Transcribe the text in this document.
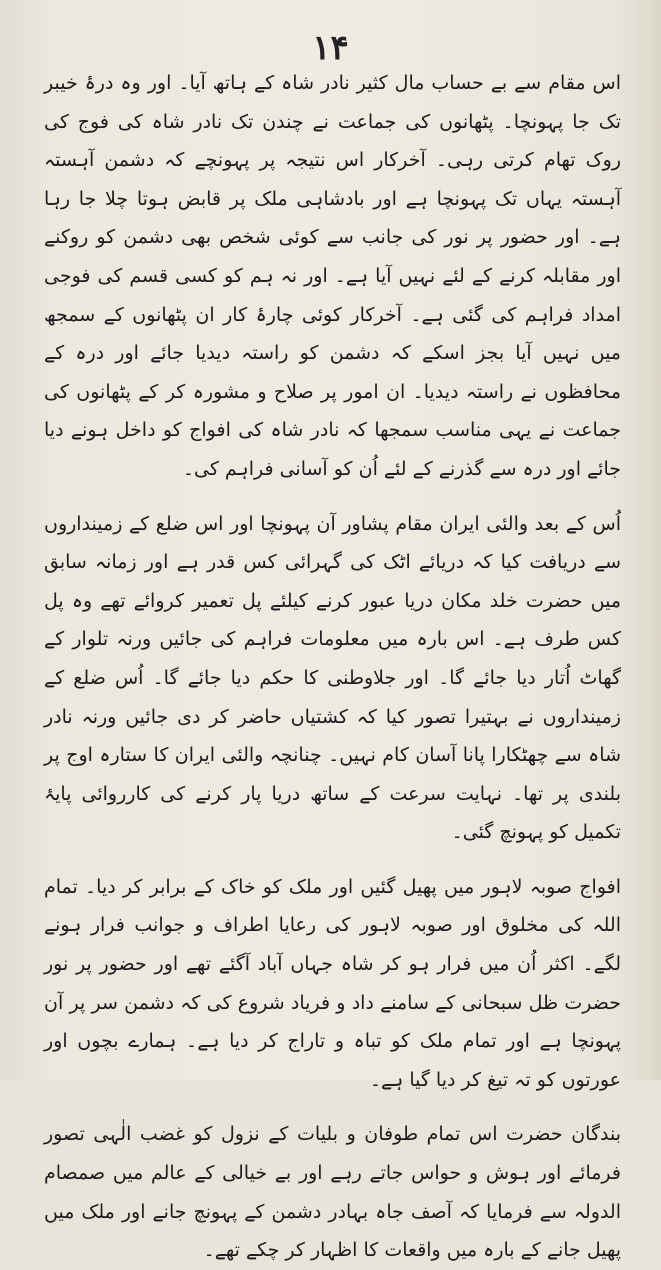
۱۴

اس مقام سے بے حساب مال کثیر نادر شاہ کے ہاتھ آیا۔ اور وہ درۂ خیبر تک جا پہونچا۔ پٹھانوں کی جماعت نے چندن تک نادر شاہ کی فوج کی روک تھام کرتی رہی۔ آخرکار اس نتیجہ پر پہونچے کہ دشمن آہستہ آہستہ یہاں تک پہونچا ہے اور بادشاہی ملک پر قابض ہوتا چلا جا رہا ہے۔ اور حضور پر نور کی جانب سے کوئی شخص بھی دشمن کو روکنے اور مقابلہ کرنے کے لئے نہیں آیا ہے۔ اور نہ ہم کو کسی قسم کی فوجی امداد فراہم کی گئی ہے۔ آخرکار کوئی چارۂ کار ان پٹھانوں کے سمجھ میں نہیں آیا بجز اسکے کہ دشمن کو راستہ دیدیا جائے اور درہ کے محافظوں نے راستہ دیدیا۔ ان امور پر صلاح و مشورہ کر کے پٹھانوں کی جماعت نے یہی مناسب سمجھا کہ نادر شاہ کی افواج کو داخل ہونے دیا جائے اور درہ سے گذرنے کے لئے اُن کو آسانی فراہم کی۔

اُس کے بعد والئی ایران مقام پشاور آن پہونچا اور اس ضلع کے زمینداروں سے دریافت کیا کہ دریائے اٹک کی گہرائی کس قدر ہے اور زمانہ سابق میں حضرت خلد مکان دریا عبور کرنے کیلئے پل تعمیر کروائے تھے وہ پل کس طرف ہے۔ اس بارہ میں معلومات فراہم کی جائیں ورنہ تلوار کے گھاٹ اُتار دیا جائے گا۔ اور جلاوطنی کا حکم دیا جائے گا۔ اُس ضلع کے زمینداروں نے بہتیرا تصور کیا کہ کشتیاں حاضر کر دی جائیں ورنہ نادر شاہ سے چھٹکارا پانا آسان کام نہیں۔ چنانچہ والئی ایران کا ستارہ اوج پر بلندی پر تھا۔ نہایت سرعت کے ساتھ دریا پار کرنے کی کارروائی پایۂ تکمیل کو پہونچ گئی۔

افواج صوبہ لاہور میں پھیل گئیں اور ملک کو خاک کے برابر کر دیا۔ تمام اللہ کی مخلوق اور صوبہ لاہور کی رعایا اطراف و جوانب فرار ہونے لگے۔ اکثر اُن میں فرار ہو کر شاہ جہاں آباد آگئے تھے اور حضور پر نور حضرت ظل سبحانی کے سامنے داد و فریاد شروع کی کہ دشمن سر پر آن پہونچا ہے اور تمام ملک کو تباہ و تاراج کر دیا ہے۔ ہمارے بچوں اور عورتوں کو تہ تیغ کر دیا گیا ہے۔

بندگان حضرت اس تمام طوفان و بلیات کے نزول کو غضب الٰہی تصور فرمائے اور ہوش و حواس جاتے رہے اور بے خیالی کے عالم میں صمصام الدولہ سے فرمایا کہ آصف جاہ بہادر دشمن کے پہونچ جانے اور ملک میں پھیل جانے کے بارہ میں واقعات کا اظہار کر چکے تھے۔
